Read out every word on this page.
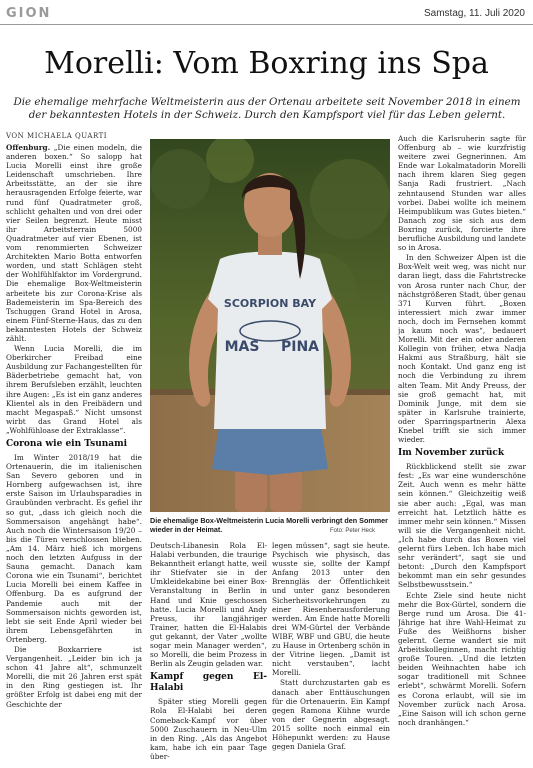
GION	Samstag, 11. Juli 2020
Morelli: Vom Boxring ins Spa
Die ehemalige mehrfache Weltmeisterin aus der Ortenau arbeitete seit November 2018 in einem der bekanntesten Hotels in der Schweiz. Durch den Kampfsport viel für das Leben gelernt.
VON MICHAELA QUARTI

Offenburg. „Die einen modeln, die anderen boxen.“ So salopp hat Lucia Morelli einst ihre große Leidenschaft umschrieben. Ihre Arbeitsstätte, an der sie ihre herausragenden Erfolge feierte, war rund fünf Quadratmeter groß, schlicht gehalten und von drei oder vier Seilen begrenzt. Heute misst ihr Arbeitsterrain 5000 Quadratmeter auf vier Ebenen, ist vom renommierten Schweizer Architekten Mario Botta entworfen worden, und statt Schlägen steht der Wohlfühlfaktor im Vordergrund. Die ehemalige Box-Weltmeisterin arbeitete bis zur Corona-Krise als Bademeisterin im Spa-Bereich des Tschuggen Grand Hotel in Arosa, einem Fünf-Sterne-Haus, das zu den bekanntesten Hotels der Schweiz zählt.

Wenn Lucia Morelli, die im Oberkircher Freibad eine Ausbildung zur Fachangestellten für Bäderbetriebe gemacht hat, von ihrem Berufsleben erzählt, leuchten ihre Augen: „Es ist ein ganz anderes Klientel als in den Freibädern und macht Megaspaß.“ Nicht umsonst wirbt das Grand Hotel als „Wohlfühloase der Extraklasse“.

Corona wie ein Tsunami

Im Winter 2018/19 hat die Ortenauerin, die im italienischen San Severo geboren und in Hornberg aufgewachsen ist, ihre erste Saison im Urlaubsparadies in Graubünden verbracht. Es gefiel ihr so gut, „dass ich gleich noch die Sommersaison angehängt habe“. Auch noch die Wintersaison 19/20 – bis die Türen verschlossen blieben. „Am 14. März hieß ich morgens noch den letzten Aufguss in der Sauna gemacht. Danach kam Corona wie ein Tsunami“, berichtet Lucia Morelli bei einem Kaffee in Offenburg. Da es aufgrund der Pandemie auch mit der Sommersaison nichts geworden ist, lebt sie seit Ende April wieder bei ihrem Lebensgefährten in Ortenberg.

Die Boxkarriere ist Vergangenheit. „Leider bin ich ja schon 41 Jahre alt“, schmunzelt Morelli, die mit 26 Jahren erst spät in den Ring gestiegen ist. Ihr größter Erfolg ist dabei eng mit der Geschichte der

SCORPION BAY
MAS PINA
Die ehemalige Box-Weltmeisterin Lucia Morelli verbringt den Sommer wieder in der Heimat.	Foto: Peter Heck

Deutsch-Libanesin Rola El-Halabi verbunden, die traurige Bekanntheit erlangt hatte, weil ihr Stiefvater sie in der Umkleidekabine bei einer Box-Veranstaltung in Berlin in Hand und Knie geschossen hatte. Lucia Morelli und Andy Preuss, ihr langjähriger Trainer, hatten die El-Halabis gut gekannt, der Vater „wollte sogar mein Manager werden“, so Morelli, die beim Prozess in Berlin als Zeugin geladen war.

Kampf gegen El-Halabi

Später stieg Morelli gegen Rola El-Halabi bei deren Comeback-Kampf vor über 5000 Zuschauern in Neu-Ulm in den Ring. „Als das Angebot kam, habe ich ein paar Tage über-

legen müssen“, sagt sie heute. Psychisch wie physisch, das wusste sie, sollte der Kampf Anfang 2013 unter den Brenngläs der Öffentlichkeit und unter ganz besonderen Sicherheitsvorkehrungen zu einer Riesenherausforderung werden. Am Ende hatte Morelli drei WM-Gürtel der Verbände WIBF, WBF und GBU, die heute zu Hause in Ortenberg schön in der Vitrine liegen. „Damit ist nicht verstauben“, lacht Morelli.

Statt durchzustarten gab es danach aber Enttäuschungen für die Ortenauerin. Ein Kampf gegen Ramona Kühne wurde von der Gegnerin abgesagt. 2015 sollte noch einmal ein Höhepunkt werden: zu Hause gegen Daniela Graf.

Auch die Karlsruherin sagte für Offenburg ab – wie kurzfristig weitere zwei Gegnerinnen. Am Ende war Lokalmatadorin Morelli nach ihrem klaren Sieg gegen Sanja Radi frustriert. „Nach zehntausend Stunden war alles vorbei. Dabei wollte ich meinem Heimpublikum was Gutes bieten.“ Danach zog sie sich aus dem Boxring zurück, forcierte ihre berufliche Ausbildung und landete so in Arosa.

In den Schweizer Alpen ist die Box-Welt weit weg, was nicht nur daran liegt, dass die Fahrtstrecke von Arosa runter nach Chur, der nächstgrößeren Stadt, über genau 371 Kurven führt. „Boxen interessiert mich zwar immer noch, doch im Fernsehen kommt ja kaum noch was“, bedauert Morelli. Mit der ein oder anderen Kollegin von früher, etwa Nadja Hakmi aus Straßburg, hält sie noch Kontakt. Und ganz eng ist noch die Verbindung zu ihrem alten Team. Mit Andy Preuss, der sie groß gemacht hat, mit Dominik Junge, mit dem sie später in Karlsruhe trainierte, oder Sparringspartnerin Alexa Knebel trifft sie sich immer wieder.

Im November zurück

Rückblickend stellt sie zwar fest: „Es war eine wunderschöne Zeit. Auch wenn es mehr hätte sein können.“ Gleichzeitig weiß sie aber auch: „Egal, was man erreicht hat. Letztlich hätte es immer mehr sein können.“ Missen will sie die Vergangenheit nicht. „Ich habe durch das Boxen viel gelernt fürs Leben. Ich habe mich sehr verändert“, sagt sie und betont: „Durch den Kampfsport bekommt man ein sehr gesundes Selbstbewusstsein.“

Echte Ziele sind heute nicht mehr die Box-Gürtel, sondern die Berge rund um Arosa. Die 41-Jährige hat ihre Wahl-Heimat zu Fuße des Weißhorns bisher gelernt. Gerne wandert sie mit Arbeitskolleginnen, macht richtig große Touren. „Und die letzten beiden Weihnachten habe ich sogar traditionell mit Schnee erlebt“, schwärmt Morelli. Sofern es Corona erlaubt, will sie im November zurück nach Arosa. „Eine Saison will ich schon gerne noch dranhängen.“
